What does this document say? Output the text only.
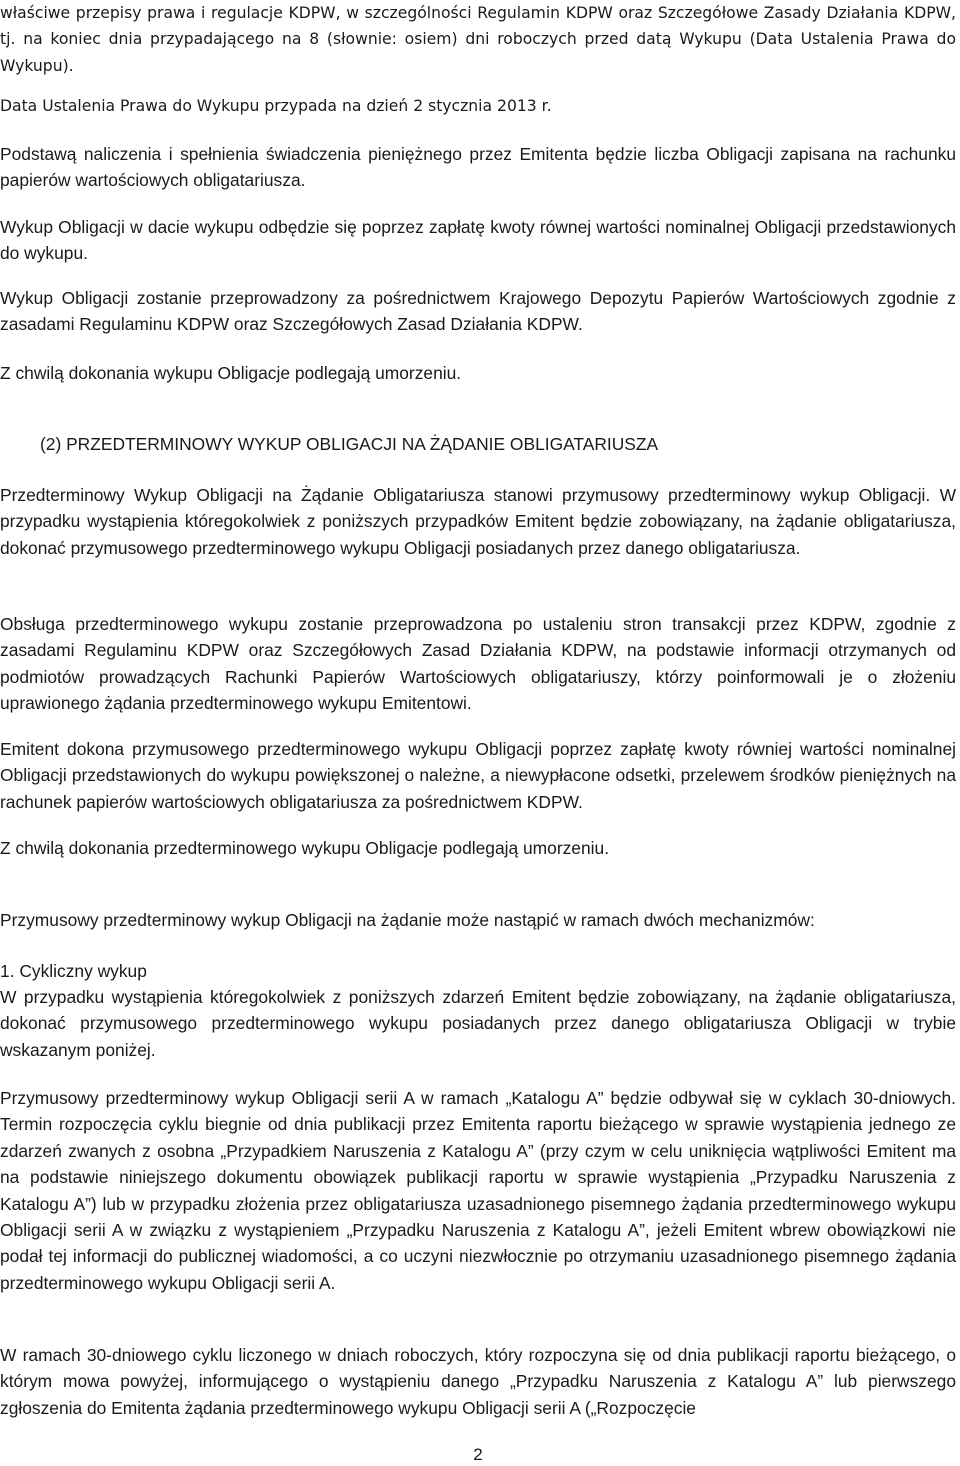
właściwe przepisy prawa i regulacje KDPW, w szczególności Regulamin KDPW oraz Szczegółowe Zasady Działania KDPW, tj. na koniec dnia przypadającego na 8 (słownie: osiem) dni roboczych przed datą Wykupu (Data Ustalenia Prawa do Wykupu).

Data Ustalenia Prawa do Wykupu przypada na dzień 2 stycznia 2013 r.

Podstawą naliczenia i spełnienia świadczenia pieniężnego przez Emitenta będzie liczba Obligacji zapisana na rachunku papierów wartościowych obligatariusza.

Wykup Obligacji w dacie wykupu odbędzie się poprzez zapłatę kwoty równej wartości nominalnej Obligacji przedstawionych do wykupu.

Wykup Obligacji zostanie przeprowadzony za pośrednictwem Krajowego Depozytu Papierów Wartościowych zgodnie z zasadami Regulaminu KDPW oraz Szczegółowych Zasad Działania KDPW.

Z chwilą dokonania wykupu Obligacje podlegają umorzeniu.

(2) PRZEDTERMINOWY WYKUP OBLIGACJI NA ŻĄDANIE OBLIGATARIUSZA

Przedterminowy Wykup Obligacji na Żądanie Obligatariusza stanowi przymusowy przedterminowy wykup Obligacji. W przypadku wystąpienia któregokolwiek z poniższych przypadków Emitent będzie zobowiązany, na żądanie obligatariusza, dokonać przymusowego przedterminowego wykupu Obligacji posiadanych przez danego obligatariusza.

Obsługa przedterminowego wykupu zostanie przeprowadzona po ustaleniu stron transakcji przez KDPW, zgodnie z zasadami Regulaminu KDPW oraz Szczegółowych Zasad Działania KDPW, na podstawie informacji otrzymanych od podmiotów prowadzących Rachunki Papierów Wartościowych obligatariuszy, którzy poinformowali je o złożeniu uprawionego żądania przedterminowego wykupu Emitentowi.

Emitent dokona przymusowego przedterminowego wykupu Obligacji poprzez zapłatę kwoty równiej wartości nominalnej Obligacji przedstawionych do wykupu powiększonej o należne, a niewypłacone odsetki, przelewem środków pieniężnych na rachunek papierów wartościowych obligatariusza za pośrednictwem KDPW.

Z chwilą dokonania przedterminowego wykupu Obligacje podlegają umorzeniu.

Przymusowy przedterminowy wykup Obligacji na żądanie może nastąpić w ramach dwóch mechanizmów:

1. Cykliczny wykup

W przypadku wystąpienia któregokolwiek z poniższych zdarzeń Emitent będzie zobowiązany, na żądanie obligatariusza, dokonać przymusowego przedterminowego wykupu posiadanych przez danego obligatariusza Obligacji w trybie wskazanym poniżej.

Przymusowy przedterminowy wykup Obligacji serii A w ramach „Katalogu A” będzie odbywał się w cyklach 30-dniowych. Termin rozpoczęcia cyklu biegnie od dnia publikacji przez Emitenta raportu bieżącego w sprawie wystąpienia jednego ze zdarzeń zwanych z osobna „Przypadkiem Naruszenia z Katalogu A” (przy czym w celu uniknięcia wątpliwości Emitent ma na podstawie niniejszego dokumentu obowiązek publikacji raportu w sprawie wystąpienia „Przypadku Naruszenia z Katalogu A”) lub w przypadku złożenia przez obligatariusza uzasadnionego pisemnego żądania przedterminowego wykupu Obligacji serii A w związku z wystąpieniem „Przypadku Naruszenia z Katalogu A”, jeżeli Emitent wbrew obowiązkowi nie podał tej informacji do publicznej wiadomości, a co uczyni niezwłocznie po otrzymaniu uzasadnionego pisemnego żądania przedterminowego wykupu Obligacji serii A.

W ramach 30-dniowego cyklu liczonego w dniach roboczych, który rozpoczyna się od dnia publikacji raportu bieżącego, o którym mowa powyżej, informującego o wystąpieniu danego „Przypadku Naruszenia z Katalogu A” lub pierwszego zgłoszenia do Emitenta żądania przedterminowego wykupu Obligacji serii A („Rozpoczęcie

2
